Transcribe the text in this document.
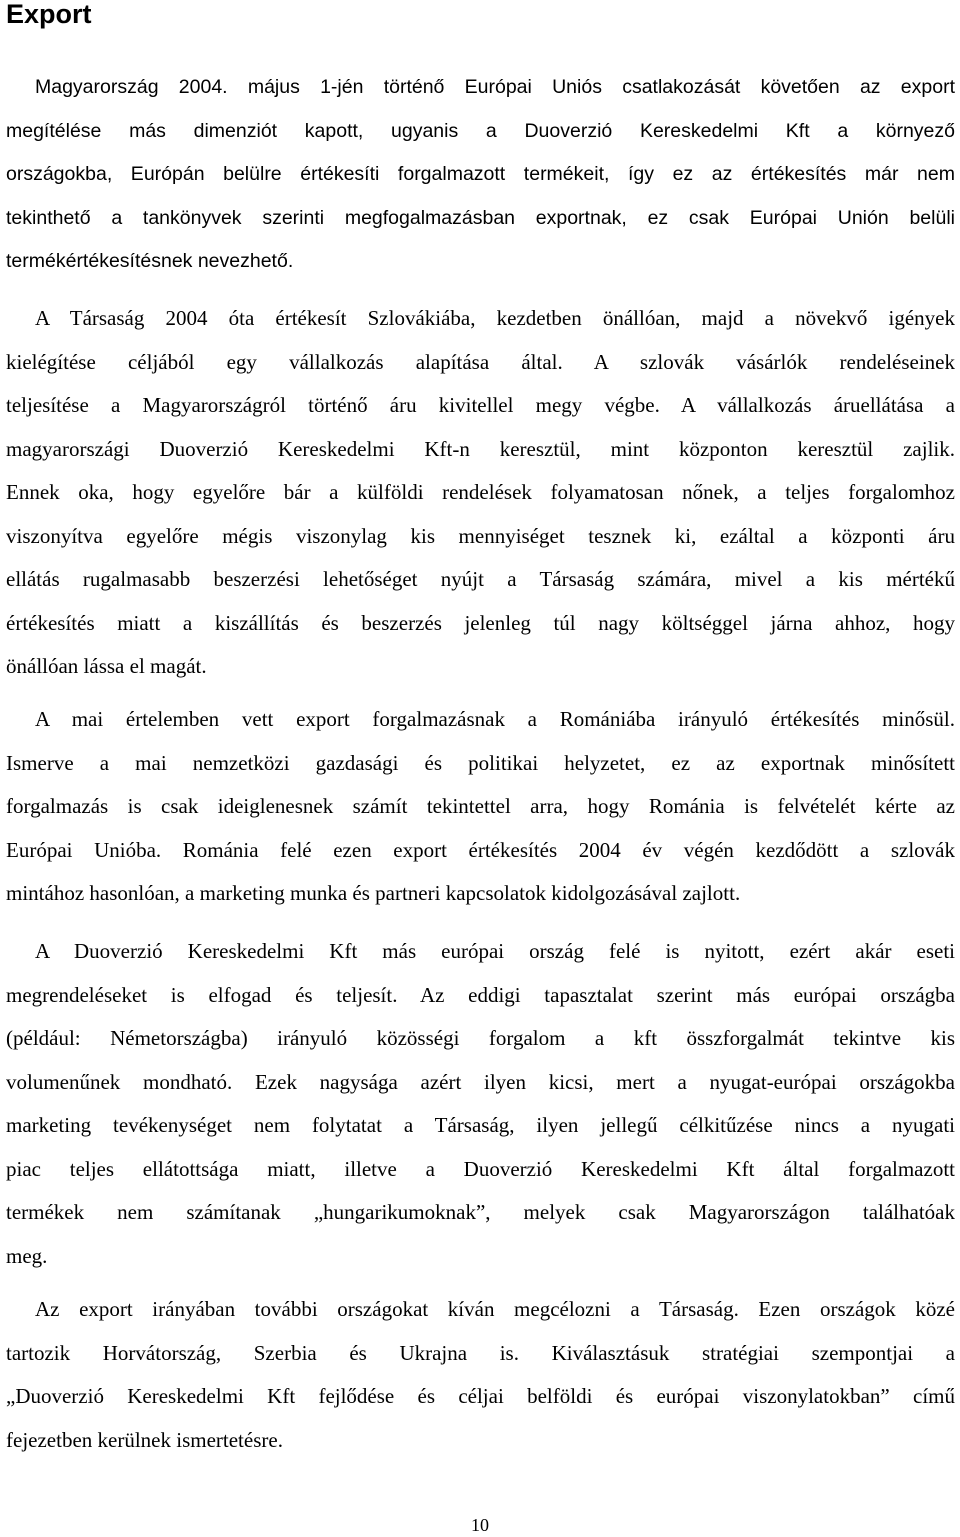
Export
Magyarország 2004. május 1-jén történő Európai Uniós csatlakozását követően az export
megítélése más dimenziót kapott, ugyanis a Duoverzió Kereskedelmi Kft a környező
országokba, Európán belülre értékesíti forgalmazott termékeit, így ez az értékesítés már nem
tekinthető a tankönyvek szerinti megfogalmazásban exportnak, ez csak Európai Unión belüli
termékértékesítésnek nevezhető.
A Társaság 2004 óta értékesít Szlovákiába, kezdetben önállóan, majd a növekvő igények
kielégítése céljából egy vállalkozás alapítása által. A szlovák vásárlók rendeléseinek
teljesítése a Magyarországról történő áru kivitellel megy végbe. A vállalkozás áruellátása a
magyarországi Duoverzió Kereskedelmi Kft-n keresztül, mint központon keresztül zajlik.
Ennek oka, hogy egyelőre bár a külföldi rendelések folyamatosan nőnek, a teljes forgalomhoz
viszonyítva egyelőre mégis viszonylag kis mennyiséget tesznek ki, ezáltal a központi áru
ellátás rugalmasabb beszerzési lehetőséget nyújt a Társaság számára, mivel a kis mértékű
értékesítés miatt a kiszállítás és beszerzés jelenleg túl nagy költséggel járna ahhoz, hogy
önállóan lássa el magát.
A mai értelemben vett export forgalmazásnak a Romániába irányuló értékesítés minősül.
Ismerve a mai nemzetközi gazdasági és politikai helyzetet, ez az exportnak minősített
forgalmazás is csak ideiglenesnek számít tekintettel arra, hogy Románia is felvételét kérte az
Európai Unióba. Románia felé ezen export értékesítés 2004 év végén kezdődött a szlovák
mintához hasonlóan, a marketing munka és partneri kapcsolatok kidolgozásával zajlott.
A Duoverzió Kereskedelmi Kft más európai ország felé is nyitott, ezért akár eseti
megrendeléseket is elfogad és teljesít. Az eddigi tapasztalat szerint más európai országba
(például: Németországba) irányuló közösségi forgalom a kft összforgalmát tekintve kis
volumenűnek mondható. Ezek nagysága azért ilyen kicsi, mert a nyugat-európai országokba
marketing tevékenységet nem folytatat a Társaság, ilyen jellegű célkitűzése nincs a nyugati
piac teljes ellátottsága miatt, illetve a Duoverzió Kereskedelmi Kft által forgalmazott
termékek nem számítanak „hungarikumoknak”, melyek csak Magyarországon találhatóak
meg.
Az export irányában további országokat kíván megcélozni a Társaság. Ezen országok közé
tartozik Horvátország, Szerbia és Ukrajna is. Kiválasztásuk stratégiai szempontjai a
„Duoverzió Kereskedelmi Kft fejlődése és céljai belföldi és európai viszonylatokban” című
fejezetben kerülnek ismertetésre.
10
